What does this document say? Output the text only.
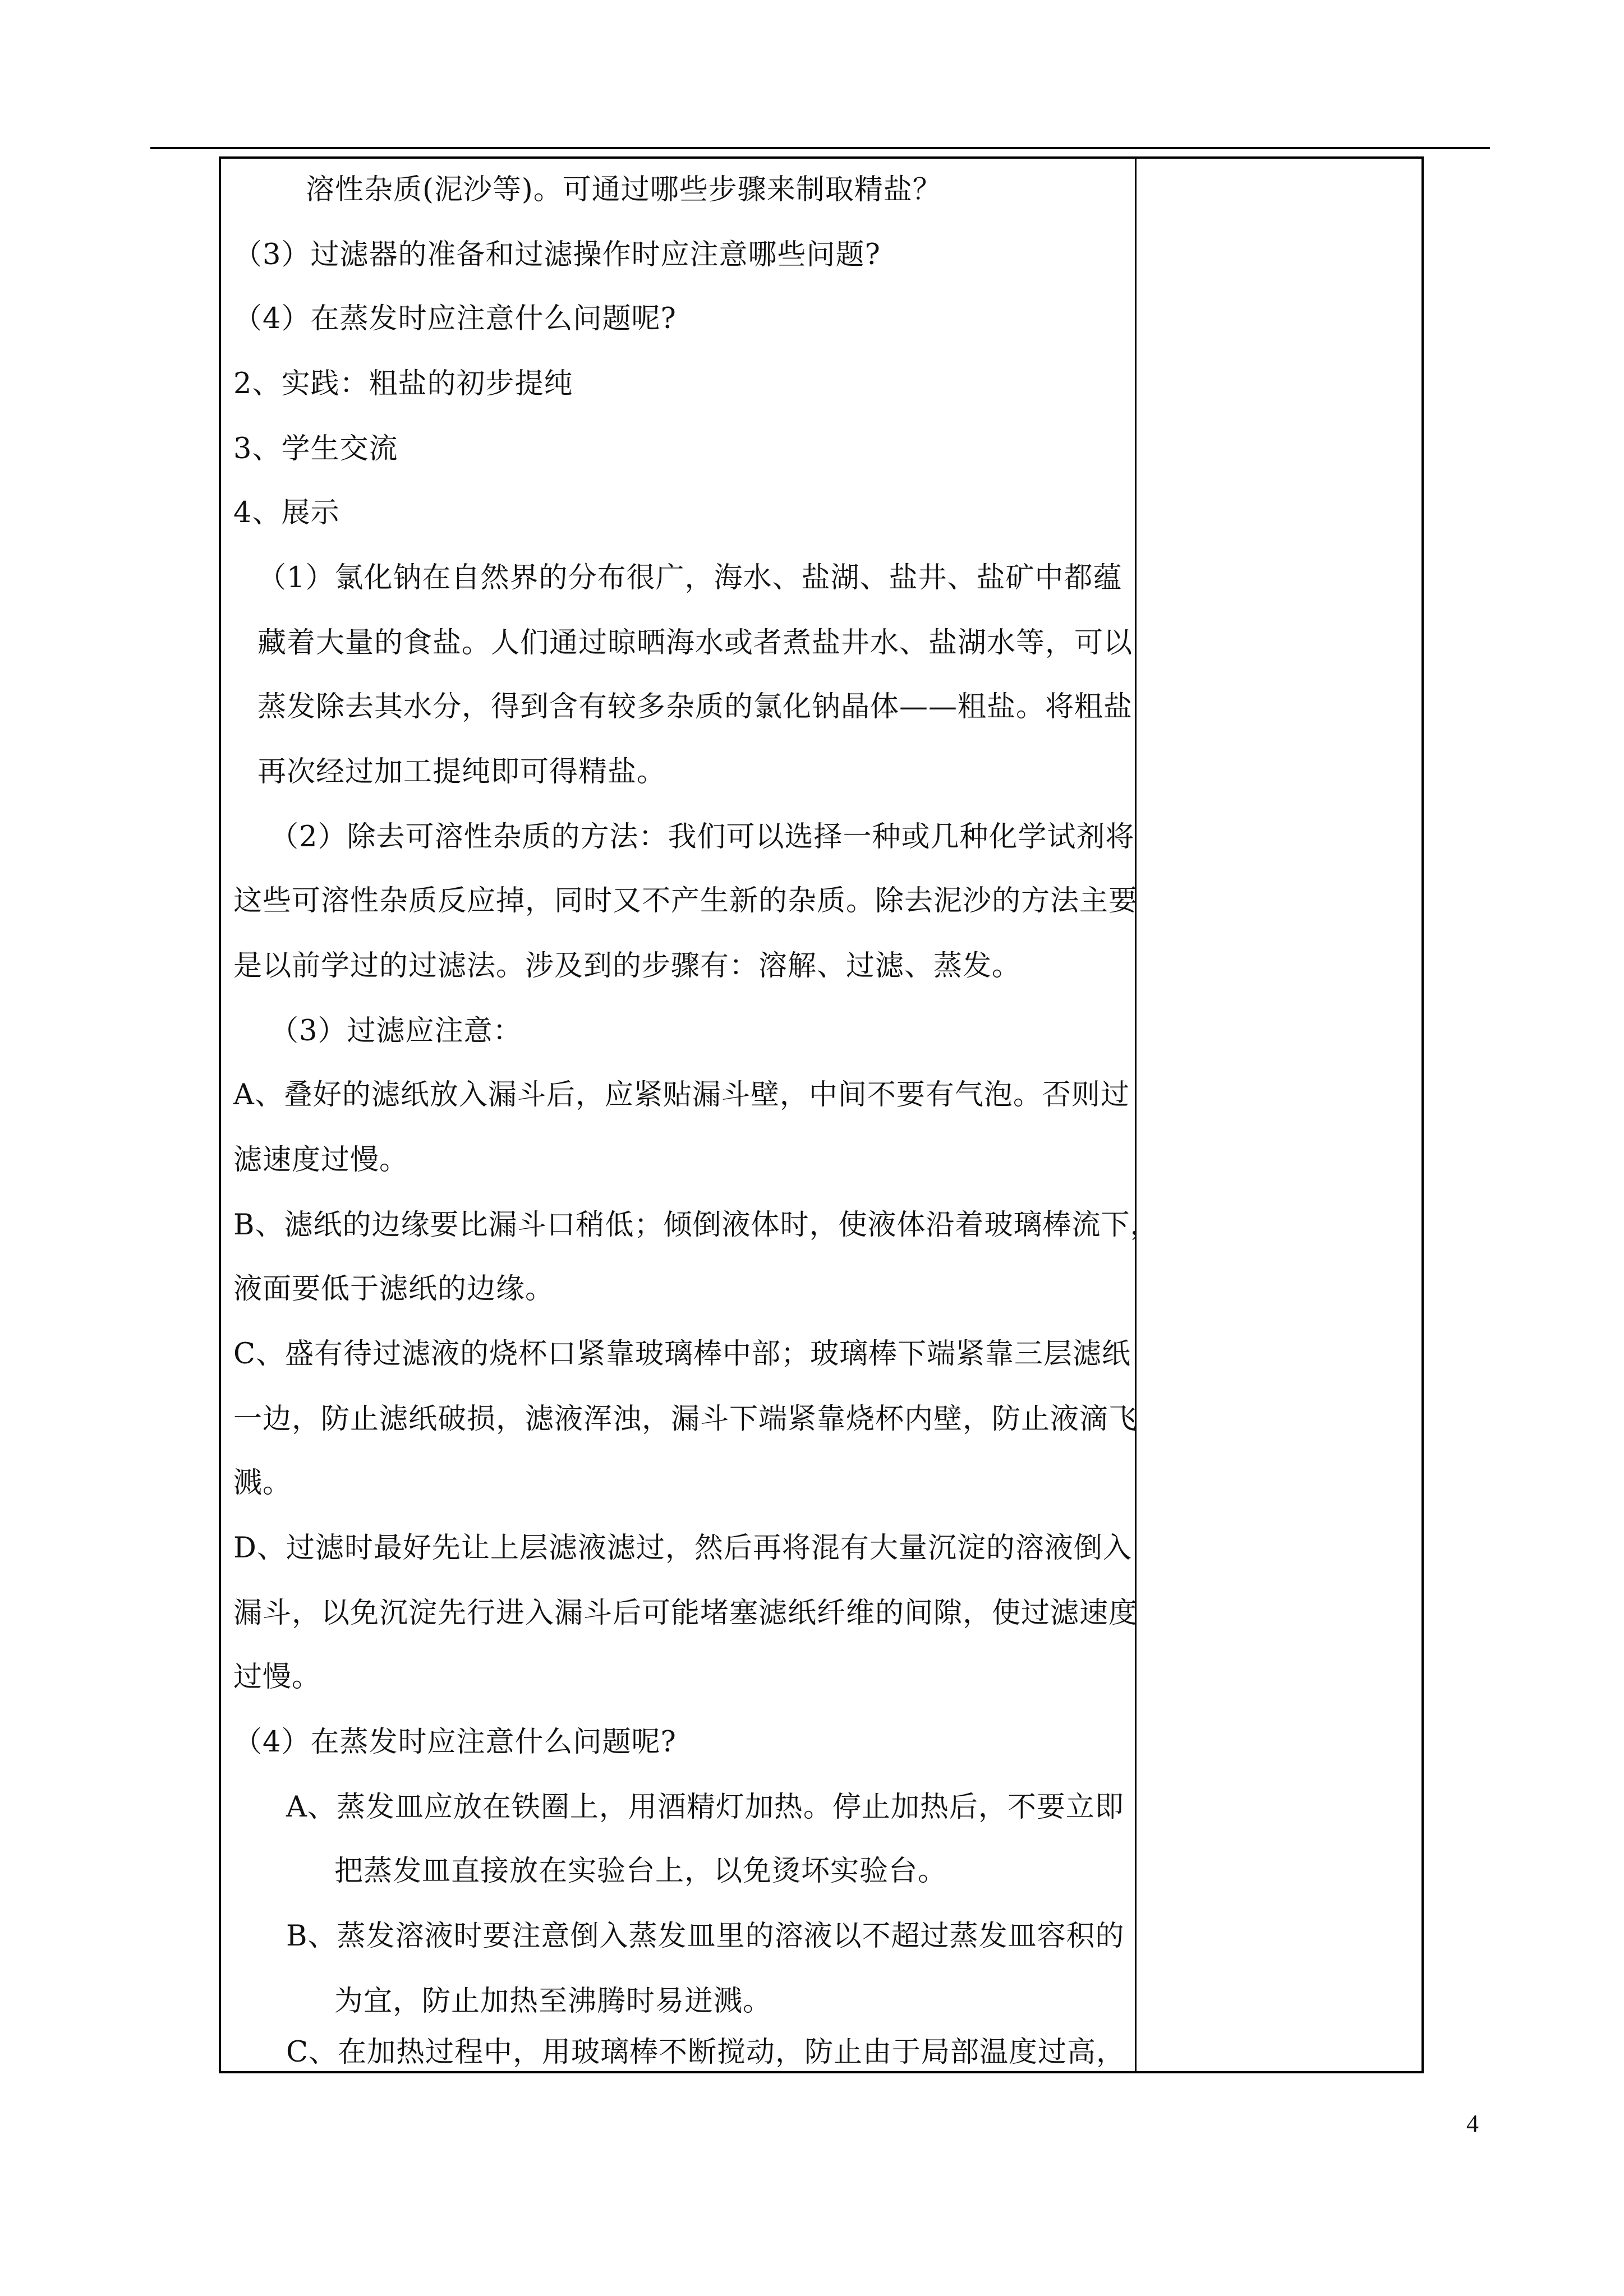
溶性杂质(泥沙等)。可通过哪些步骤来制取精盐？
（3）过滤器的准备和过滤操作时应注意哪些问题?
（4）在蒸发时应注意什么问题呢?
2、实践：粗盐的初步提纯
3、学生交流
4、展示
（1）氯化钠在自然界的分布很广，海水、盐湖、盐井、盐矿中都蕴
藏着大量的食盐。人们通过晾晒海水或者煮盐井水、盐湖水等，可以
蒸发除去其水分，得到含有较多杂质的氯化钠晶体——粗盐。将粗盐
再次经过加工提纯即可得精盐。
（2）除去可溶性杂质的方法：我们可以选择一种或几种化学试剂将
这些可溶性杂质反应掉，同时又不产生新的杂质。除去泥沙的方法主要
是以前学过的过滤法。涉及到的步骤有：溶解、过滤、蒸发。
（3）过滤应注意：
A、叠好的滤纸放入漏斗后，应紧贴漏斗壁，中间不要有气泡。否则过
滤速度过慢。
B、滤纸的边缘要比漏斗口稍低；倾倒液体时，使液体沿着玻璃棒流下，
液面要低于滤纸的边缘。
C、盛有待过滤液的烧杯口紧靠玻璃棒中部；玻璃棒下端紧靠三层滤纸
一边，防止滤纸破损，滤液浑浊，漏斗下端紧靠烧杯内壁，防止液滴飞
溅。
D、过滤时最好先让上层滤液滤过，然后再将混有大量沉淀的溶液倒入
漏斗，以免沉淀先行进入漏斗后可能堵塞滤纸纤维的间隙，使过滤速度
过慢。
（4）在蒸发时应注意什么问题呢?
A、蒸发皿应放在铁圈上，用酒精灯加热。停止加热后，不要立即
把蒸发皿直接放在实验台上，以免烫坏实验台。
B、蒸发溶液时要注意倒入蒸发皿里的溶液以不超过蒸发皿容积的
为宜，防止加热至沸腾时易迸溅。
C、在加热过程中，用玻璃棒不断搅动，防止由于局部温度过高，
4
